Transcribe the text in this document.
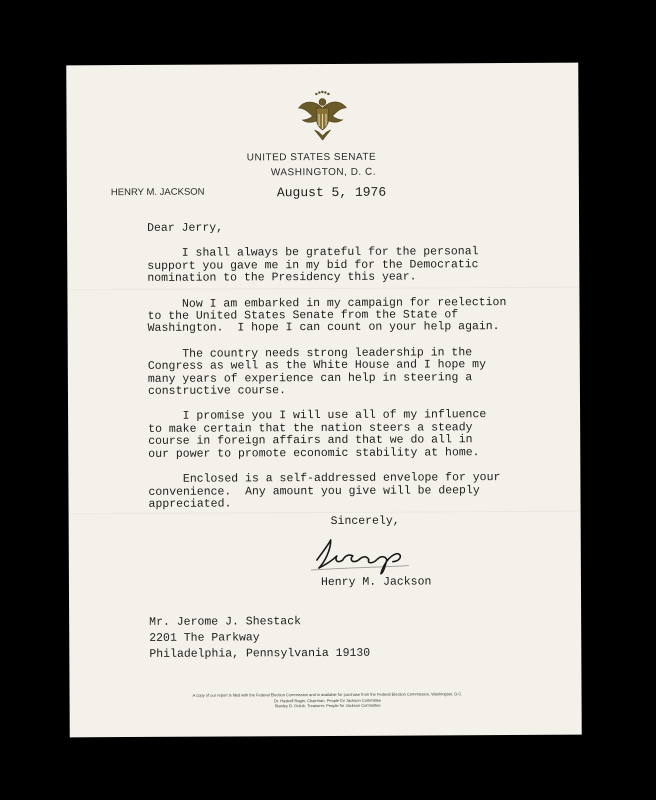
UNITED STATES SENATE
WASHINGTON, D. C.
HENRY M. JACKSON	August 5, 1976
Dear Jerry,
I shall always be grateful for the personal
support you gave me in my bid for the Democratic
nomination to the Presidency this year.
Now I am embarked in my campaign for reelection
to the United States Senate from the State of
Washington.  I hope I can count on your help again.
The country needs strong leadership in the
Congress as well as the White House and I hope my
many years of experience can help in steering a
constructive course.
I promise you I will use all of my influence
to make certain that the nation steers a steady
course in foreign affairs and that we do all in
our power to promote economic stability at home.
Enclosed is a self-addressed envelope for your
convenience.  Any amount you give will be deeply
appreciated.
Sincerely,
Henry M. Jackson
Mr. Jerome J. Shestack
2201 The Parkway
Philadelphia, Pennsylvania 19130
A copy of our report is filed with the Federal Election Commission and is available for purchase from the Federal Election Commission, Washington, D.C.
Dr. Haskell Ragin, Chairman, People for Jackson Committee
Stanley D. Golub, Treasurer, People for Jackson Committee
